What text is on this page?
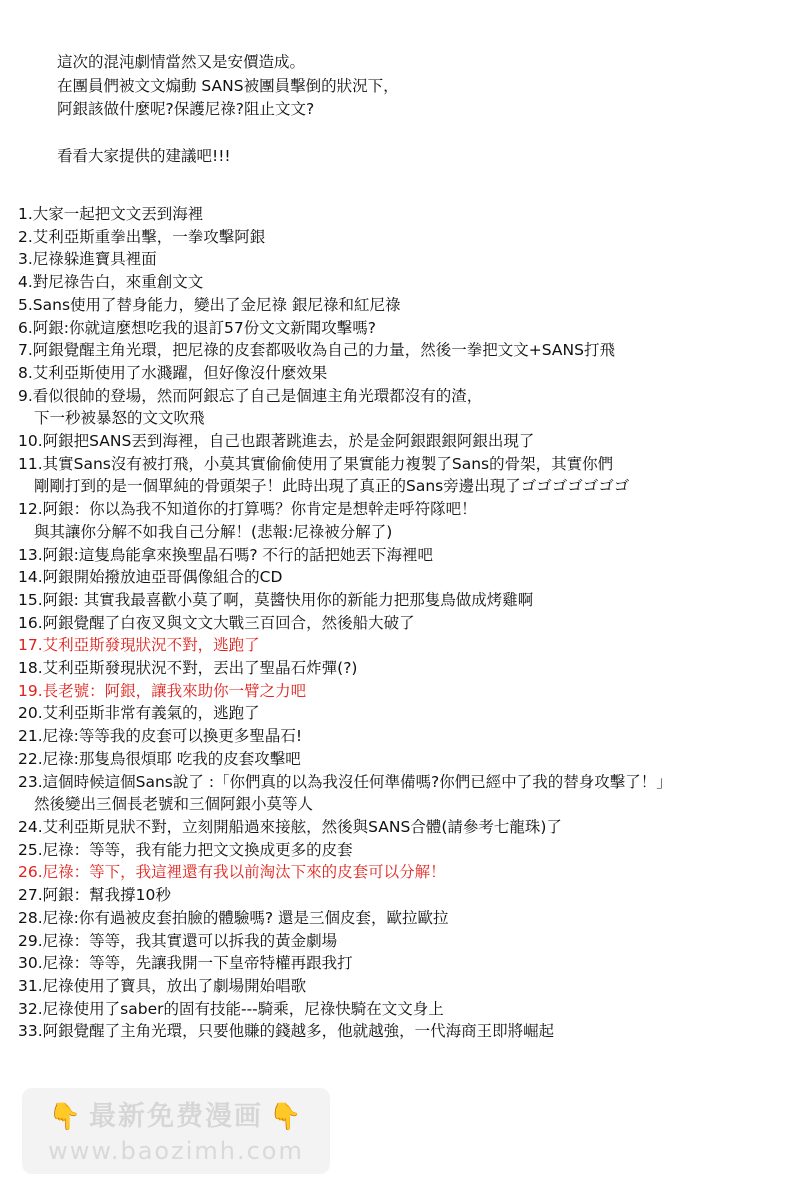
這次的混沌劇情當然又是安價造成。
在團員們被文文煽動 SANS被團員擊倒的狀況下，
阿銀該做什麼呢?保護尼祿?阻止文文?
看看大家提供的建議吧!!!
1.大家一起把文文丟到海裡
2.艾利亞斯重拳出擊，一拳攻擊阿銀
3.尼祿躲進寶具裡面
4.對尼祿告白，來重創文文
5.Sans使用了替身能力，變出了金尼祿 銀尼祿和紅尼祿
6.阿銀:你就這麼想吃我的退訂57份文文新聞攻擊嗎?
7.阿銀覺醒主角光環，把尼祿的皮套都吸收為自己的力量，然後一拳把文文+SANS打飛
8.艾利亞斯使用了水濺躍，但好像沒什麼效果
9.看似很帥的登場，然而阿銀忘了自己是個連主角光環都沒有的渣，
下一秒被暴怒的文文吹飛
10.阿銀把SANS丟到海裡，自己也跟著跳進去，於是金阿銀跟銀阿銀出現了
11.其實Sans沒有被打飛，小莫其實偷偷使用了果實能力複製了Sans的骨架，其實你們
剛剛打到的是一個單純的骨頭架子！此時出現了真正的Sans旁邊出現了ゴゴゴゴゴゴゴ
12.阿銀：你以為我不知道你的打算嗎？你肯定是想幹走呼符隊吧！
與其讓你分解不如我自己分解！(悲報:尼祿被分解了)
13.阿銀:這隻鳥能拿來換聖晶石嗎? 不行的話把她丟下海裡吧
14.阿銀開始撥放迪亞哥偶像組合的CD
15.阿銀: 其實我最喜歡小莫了啊，莫醬快用你的新能力把那隻鳥做成烤雞啊
16.阿銀覺醒了白夜叉與文文大戰三百回合，然後船大破了
17.艾利亞斯發現狀況不對，逃跑了
18.艾利亞斯發現狀況不對，丟出了聖晶石炸彈(?)
19.長老號：阿銀，讓我來助你一臂之力吧
20.艾利亞斯非常有義氣的，逃跑了
21.尼祿:等等我的皮套可以換更多聖晶石!
22.尼祿:那隻鳥很煩耶 吃我的皮套攻擊吧
23.這個時候這個Sans說了 :「你們真的以為我沒任何準備嗎?你們已經中了我的替身攻擊了！」
然後變出三個長老號和三個阿銀小莫等人
24.艾利亞斯見狀不對，立刻開船過來接舷，然後與SANS合體(請參考七龍珠)了
25.尼祿：等等，我有能力把文文換成更多的皮套
26.尼祿：等下，我這裡還有我以前淘汰下來的皮套可以分解！
27.阿銀：幫我撐10秒
28.尼祿:你有過被皮套拍臉的體驗嗎? 還是三個皮套，歐拉歐拉
29.尼祿：等等，我其實還可以拆我的黃金劇場
30.尼祿：等等，先讓我開一下皇帝特權再跟我打
31.尼祿使用了寶具，放出了劇場開始唱歌
32.尼祿使用了saber的固有技能---騎乘，尼祿快騎在文文身上
33.阿銀覺醒了主角光環，只要他賺的錢越多，他就越強，一代海商王即將崛起
👇 最新免费漫画 👇
www.baozimh.com
